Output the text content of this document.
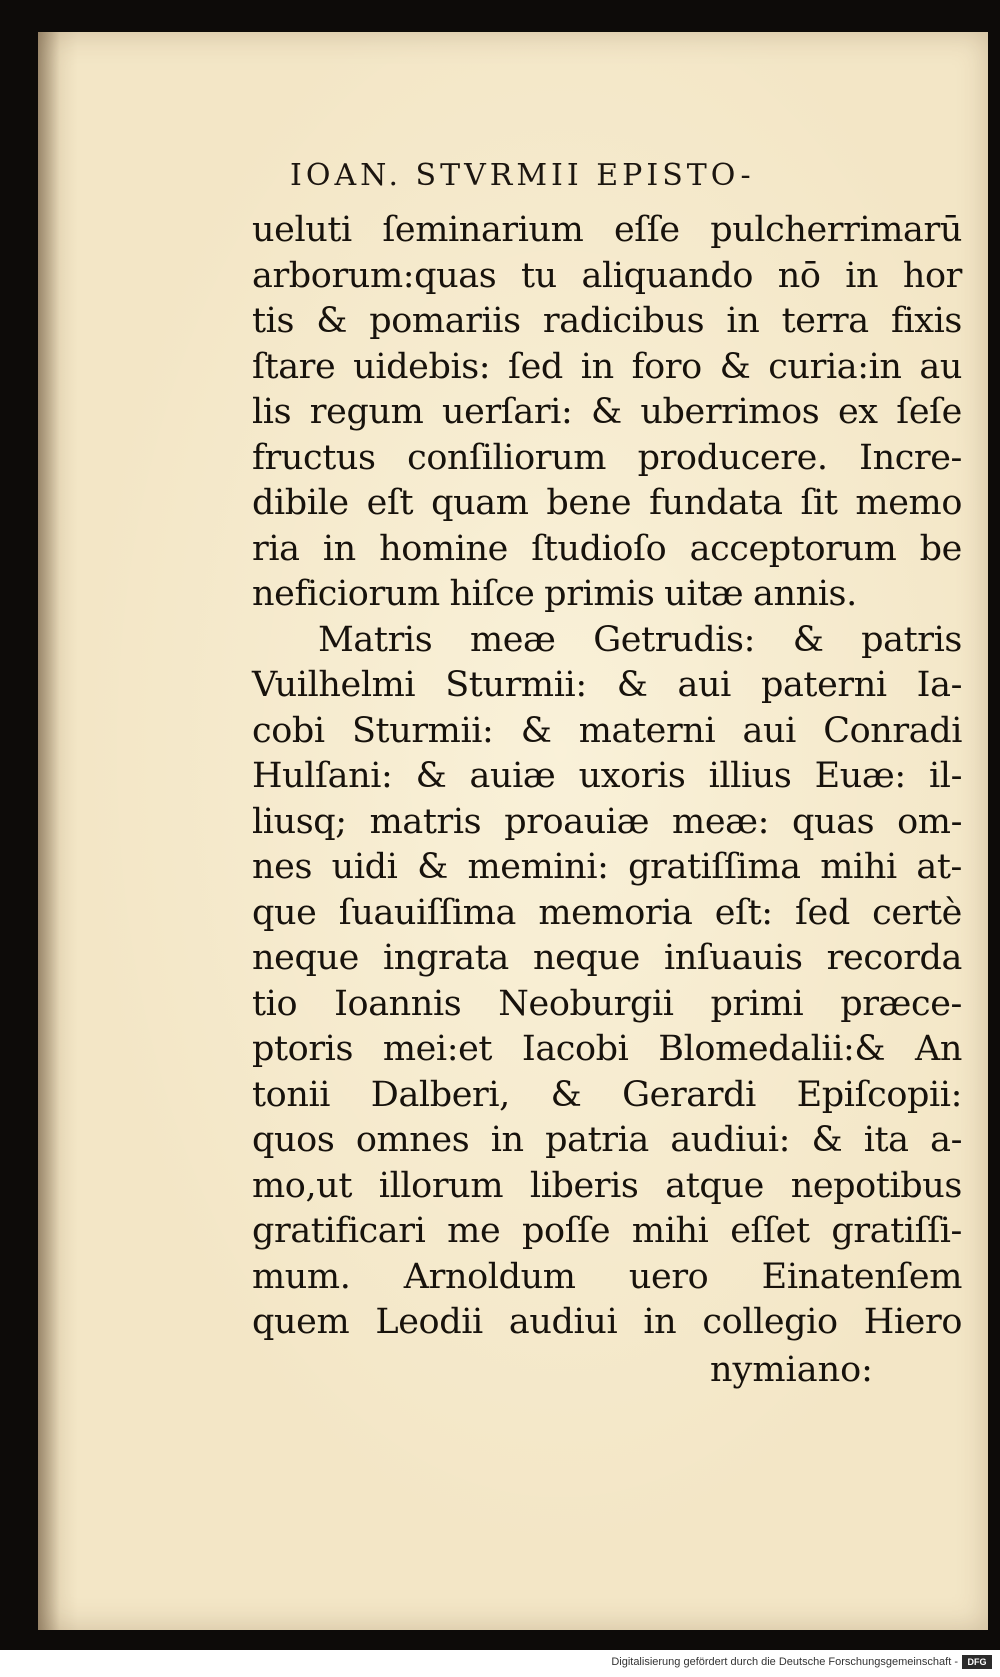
IOAN. STVRMII EPISTO-
ueluti ſeminarium eſſe pulcherrimarū
arborum:quas tu aliquando nō in hor
tis & pomariis radicibus in terra fixis
ſtare uidebis: ſed in foro & curia:in au
lis regum uerſari: & uberrimos ex ſeſe
fructus conſiliorum producere. Incre-
dibile eſt quam bene fundata ſit memo
ria in homine ſtudioſo acceptorum be
neficiorum hiſce primis uitæ annis.
Matris meæ Getrudis: & patris
Vuilhelmi Sturmii: & aui paterni Ia-
cobi Sturmii: & materni aui Conradi
Hulſani: & auiæ uxoris illius Euæ: il-
liusq; matris proauiæ meæ: quas om-
nes uidi & memini: gratiſſima mihi at-
que ſuauiſſima memoria eſt: ſed certè
neque ingrata neque inſuauis recorda
tio Ioannis Neoburgii primi præce-
ptoris mei:et Iacobi Blomedalii:& An
tonii Dalberi, & Gerardi Epiſcopii:
quos omnes in patria audiui: & ita a-
mo,ut illorum liberis atque nepotibus
gratificari me poſſe mihi eſſet gratiſſi-
mum. Arnoldum uero Einatenſem
quem Leodii audiui in collegio Hiero
nymiano:
Digitalisierung gefördert durch die Deutsche Forschungsgemeinschaft -	DFG
